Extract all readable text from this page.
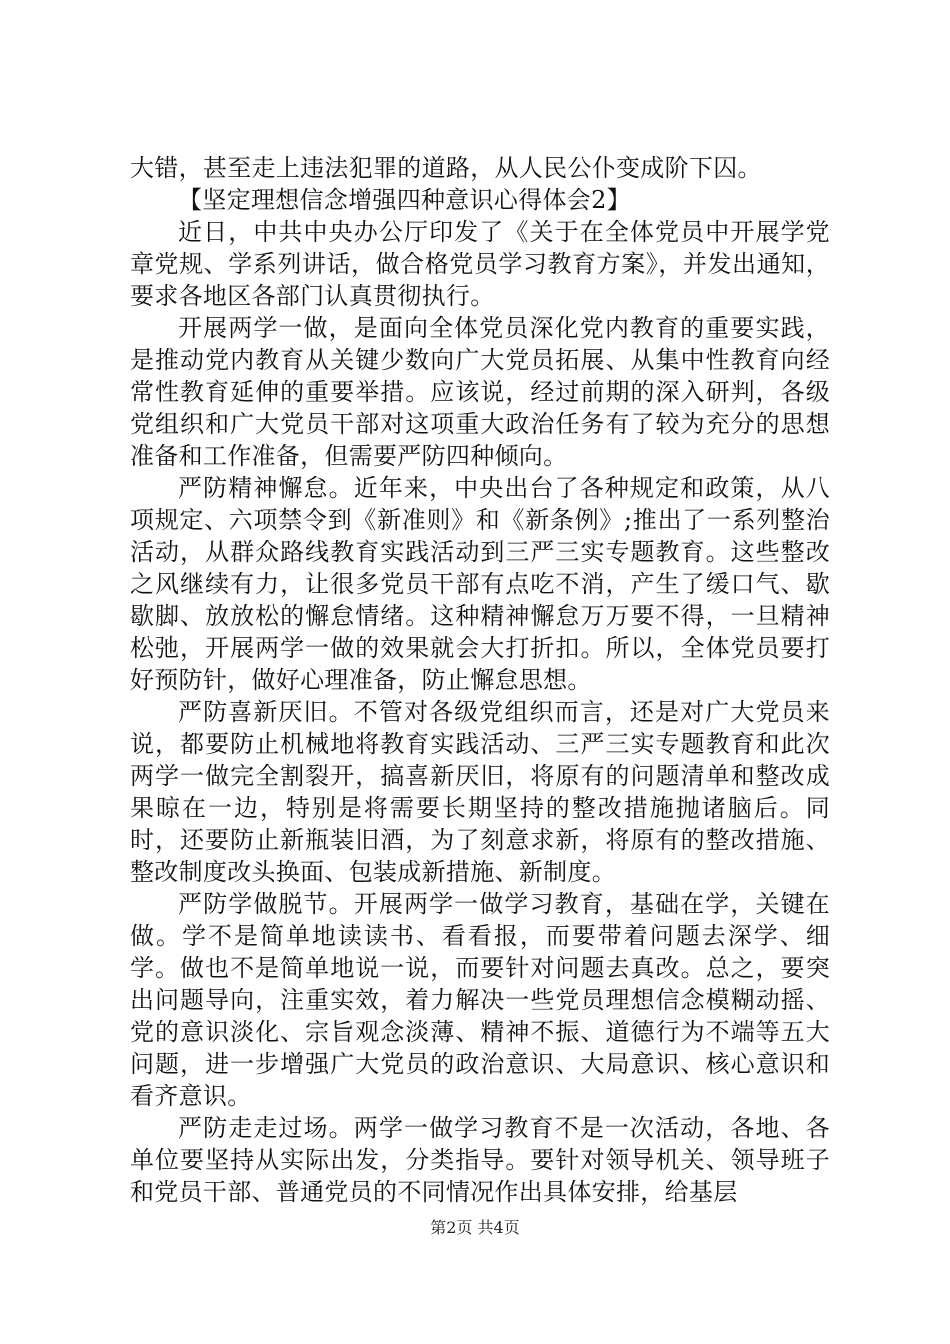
大错，甚至走上违法犯罪的道路，从人民公仆变成阶下囚。

【坚定理想信念增强四种意识心得体会2】

近日，中共中央办公厅印发了《关于在全体党员中开展学党章党规、学系列讲话，做合格党员学习教育方案》，并发出通知，要求各地区各部门认真贯彻执行。

开展两学一做，是面向全体党员深化党内教育的重要实践，是推动党内教育从关键少数向广大党员拓展、从集中性教育向经常性教育延伸的重要举措。应该说，经过前期的深入研判，各级党组织和广大党员干部对这项重大政治任务有了较为充分的思想准备和工作准备，但需要严防四种倾向。

严防精神懈怠。近年来，中央出台了各种规定和政策，从八项规定、六项禁令到《新准则》和《新条例》;推出了一系列整治活动，从群众路线教育实践活动到三严三实专题教育。这些整改之风继续有力，让很多党员干部有点吃不消，产生了缓口气、歇歇脚、放放松的懈怠情绪。这种精神懈怠万万要不得，一旦精神松弛，开展两学一做的效果就会大打折扣。所以，全体党员要打好预防针，做好心理准备，防止懈怠思想。

严防喜新厌旧。不管对各级党组织而言，还是对广大党员来说，都要防止机械地将教育实践活动、三严三实专题教育和此次两学一做完全割裂开，搞喜新厌旧，将原有的问题清单和整改成果晾在一边，特别是将需要长期坚持的整改措施抛诸脑后。同时，还要防止新瓶装旧酒，为了刻意求新，将原有的整改措施、整改制度改头换面、包装成新措施、新制度。

严防学做脱节。开展两学一做学习教育，基础在学，关键在做。学不是简单地读读书、看看报，而要带着问题去深学、细学。做也不是简单地说一说，而要针对问题去真改。总之，要突出问题导向，注重实效，着力解决一些党员理想信念模糊动摇、党的意识淡化、宗旨观念淡薄、精神不振、道德行为不端等五大问题，进一步增强广大党员的政治意识、大局意识、核心意识和看齐意识。

严防走走过场。两学一做学习教育不是一次活动，各地、各单位要坚持从实际出发，分类指导。要针对领导机关、领导班子和党员干部、普通党员的不同情况作出具体安排，给基层

第2页 共4页
